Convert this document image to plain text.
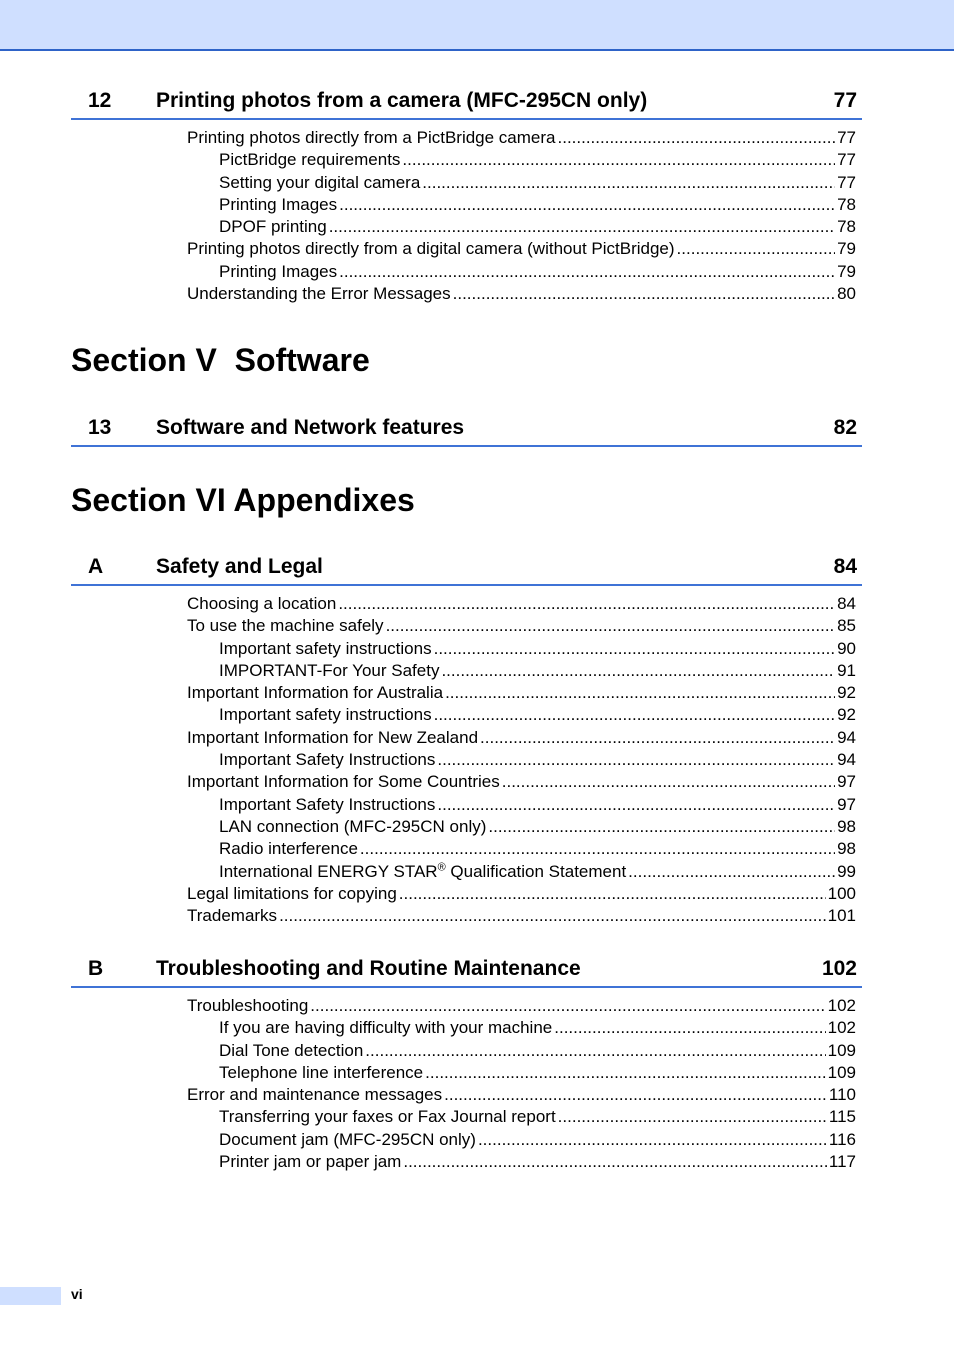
12 Printing photos from a camera (MFC-295CN only)	77
Printing photos directly from a PictBridge camera .....	77
PictBridge requirements .....	77
Setting your digital camera .....	77
Printing Images .....	78
DPOF printing .....	78
Printing photos directly from a digital camera (without PictBridge) .....	79
Printing Images .....	79
Understanding the Error Messages .....	80
Section V  Software
13 Software and Network features	82
Section VI Appendixes
A	Safety and Legal	84
Choosing a location .....	84
To use the machine safely .....	85
Important safety instructions .....	90
IMPORTANT-For Your Safety .....	91
Important Information for Australia .....	92
Important safety instructions .....	92
Important Information for New Zealand .....	94
Important Safety Instructions .....	94
Important Information for Some Countries .....	97
Important Safety Instructions .....	97
LAN connection (MFC-295CN only) .....	98
Radio interference .....	98
International ENERGY STAR® Qualification Statement .....	99
Legal limitations for copying .....	100
Trademarks .....	101
B	Troubleshooting and Routine Maintenance	102
Troubleshooting .....	102
If you are having difficulty with your machine .....	102
Dial Tone detection .....	109
Telephone line interference .....	109
Error and maintenance messages .....	110
Transferring your faxes or Fax Journal report .....	115
Document jam (MFC-295CN only) .....	116
Printer jam or paper jam .....	117
vi
